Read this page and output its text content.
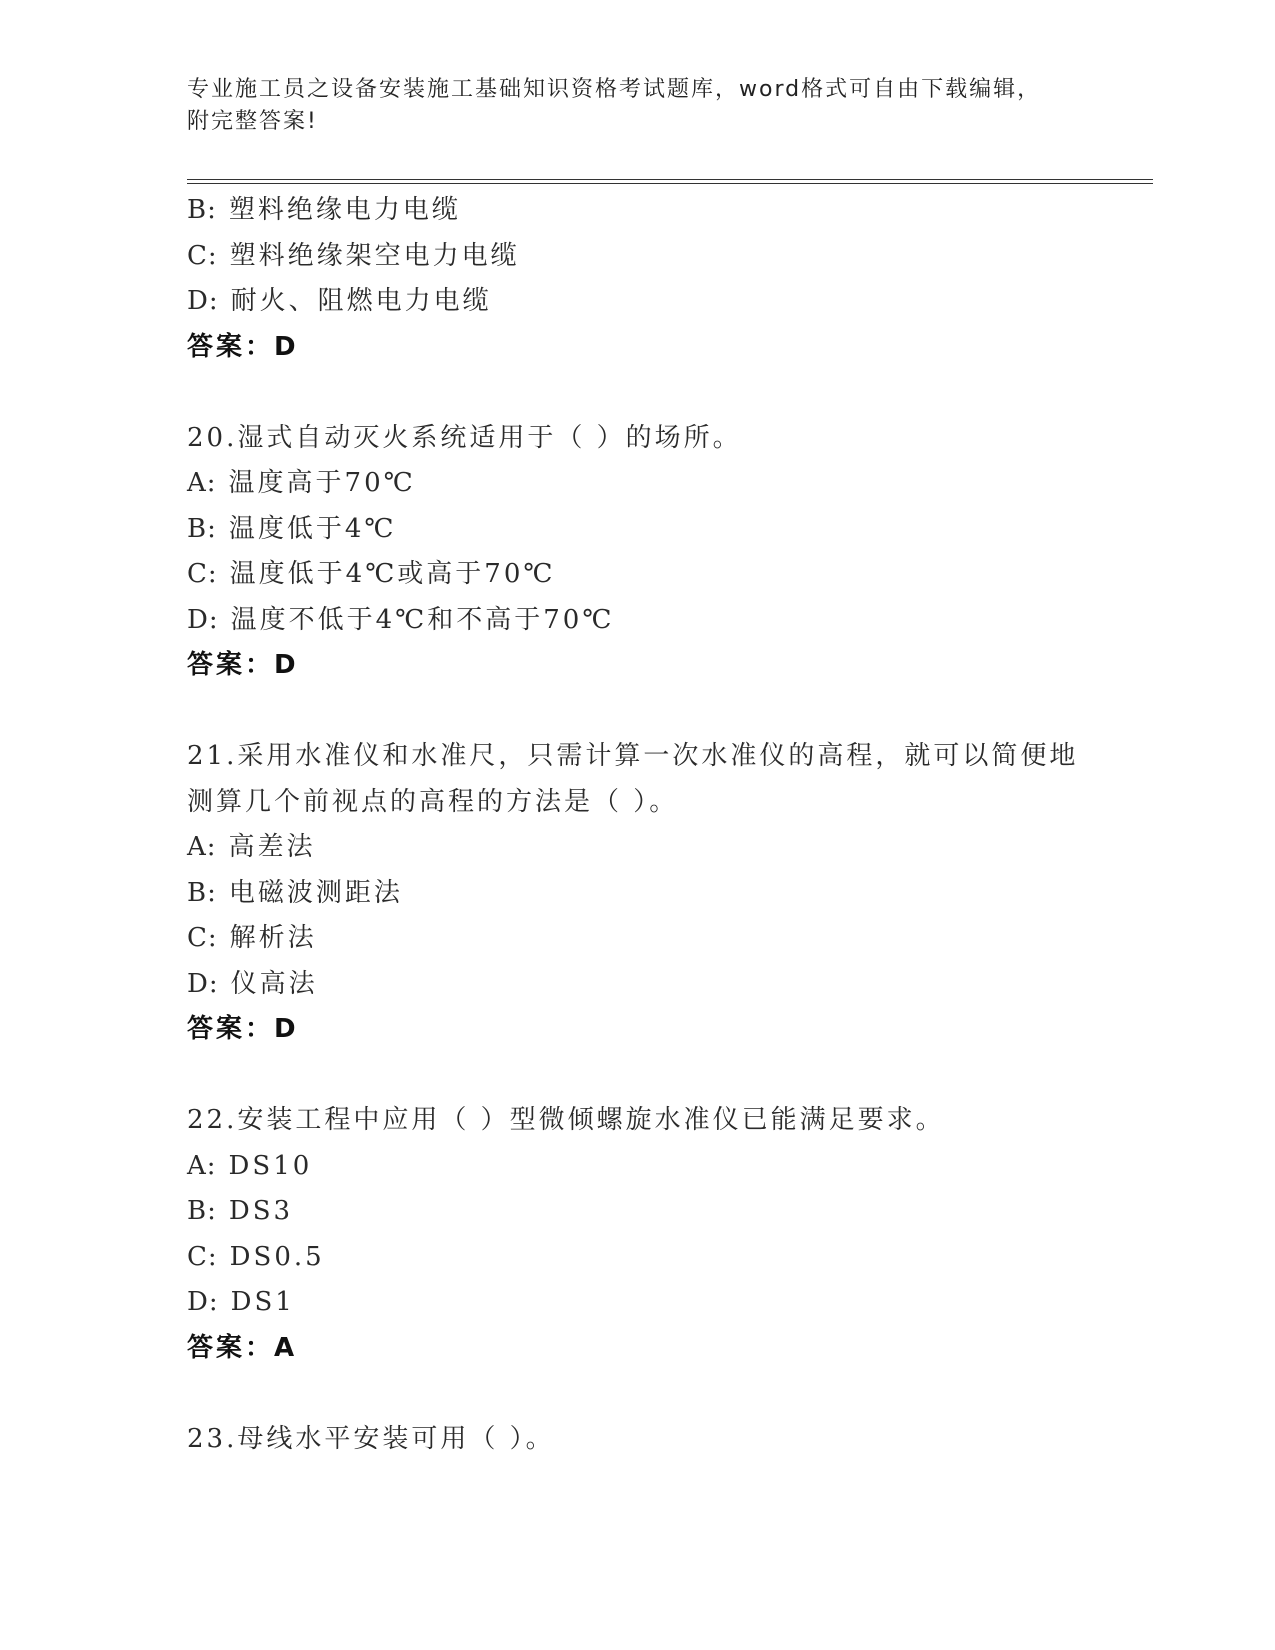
专业施工员之设备安装施工基础知识资格考试题库，word格式可自由下载编辑，
附完整答案!
B: 塑料绝缘电力电缆
C: 塑料绝缘架空电力电缆
D: 耐火、阻燃电力电缆
答案：D
20.湿式自动灭火系统适用于（ ）的场所。
A: 温度高于70℃
B: 温度低于4℃
C: 温度低于4℃或高于70℃
D: 温度不低于4℃和不高于70℃
答案：D
21.采用水准仪和水准尺，只需计算一次水准仪的高程，就可以简便地
测算几个前视点的高程的方法是（ ）。
A: 高差法
B: 电磁波测距法
C: 解析法
D: 仪高法
答案：D
22.安装工程中应用（ ）型微倾螺旋水准仪已能满足要求。
A: DS10
B: DS3
C: DS0.5
D: DS1
答案：A
23.母线水平安装可用（ ）。
